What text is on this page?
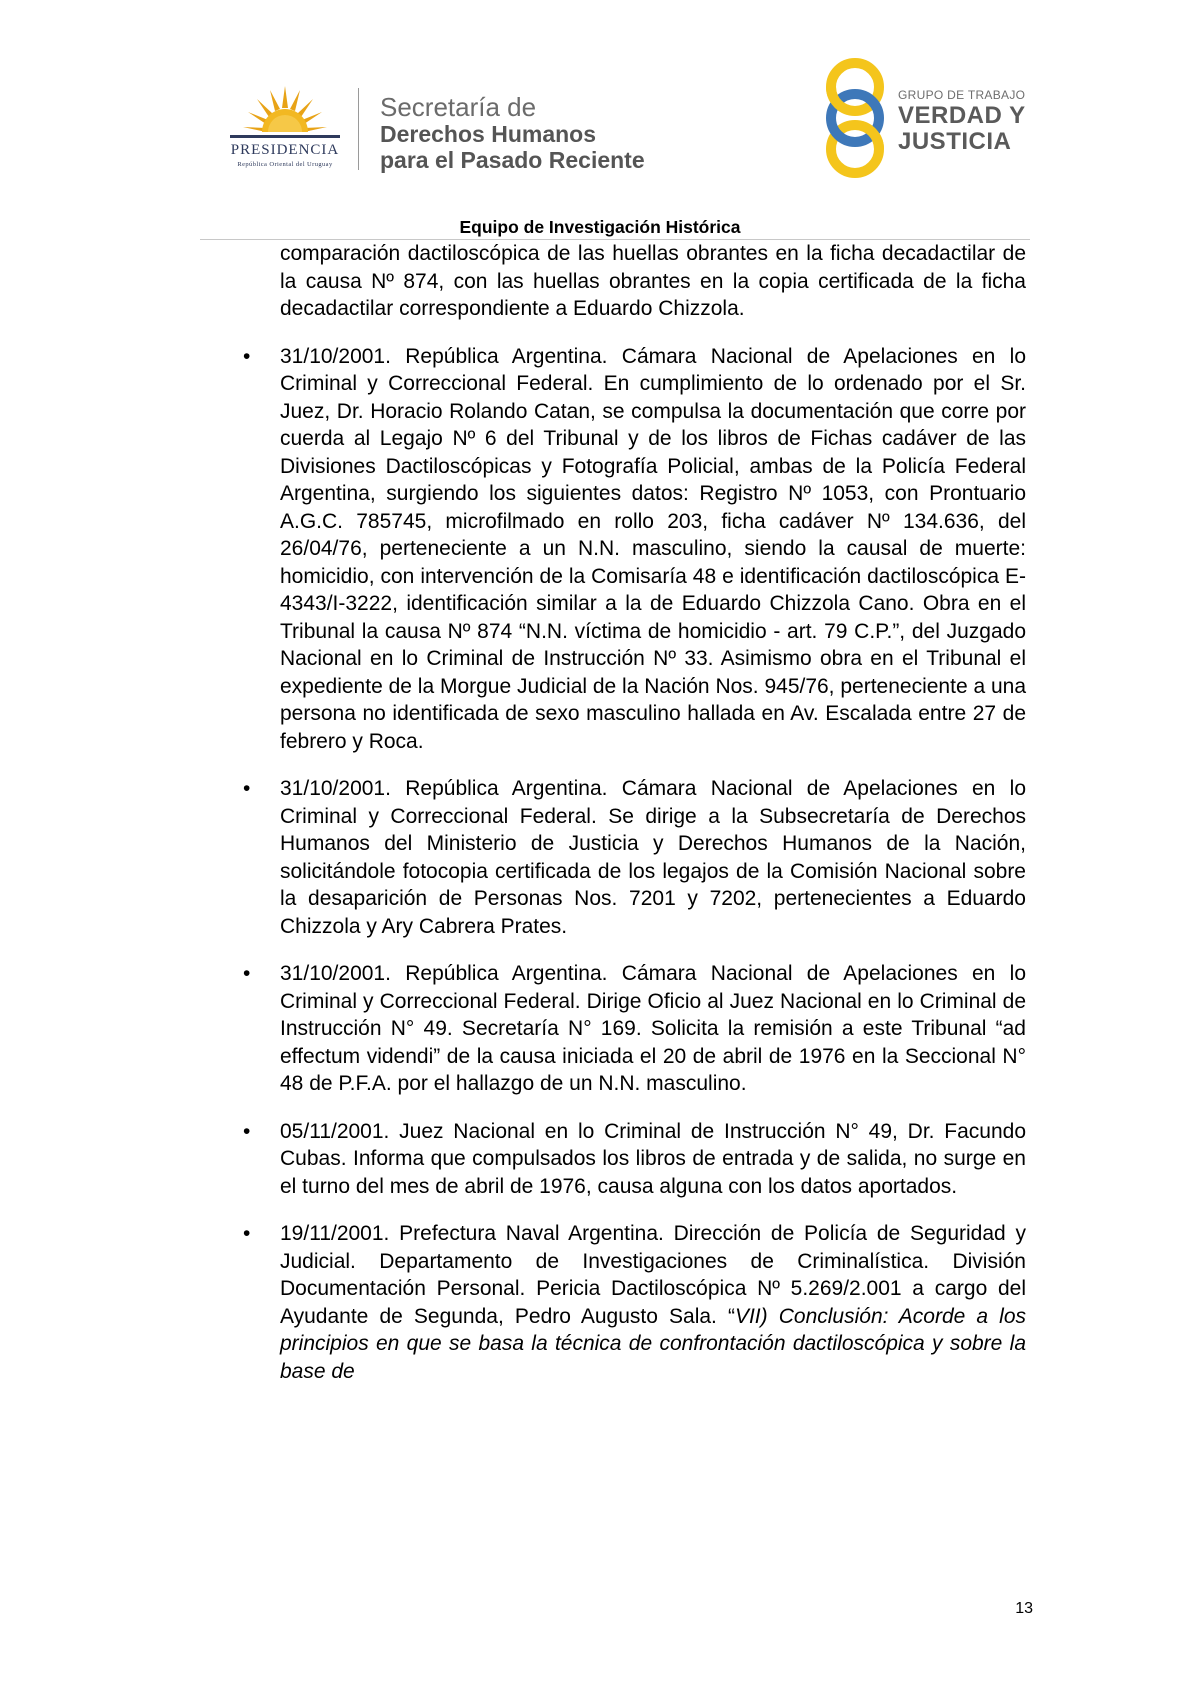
PRESIDENCIA
República Oriental del Uruguay
Secretaría de
Derechos Humanos
para el Pasado Reciente
GRUPO DE TRABAJO
VERDAD Y
JUSTICIA
Equipo de Investigación Histórica

comparación dactiloscópica de las huellas obrantes en la ficha decadactilar de la causa Nº 874, con las huellas obrantes en la copia certificada de la ficha decadactilar correspondiente a Eduardo Chizzola.

• 31/10/2001. República Argentina. Cámara Nacional de Apelaciones en lo Criminal y Correccional Federal. En cumplimiento de lo ordenado por el Sr. Juez, Dr. Horacio Rolando Catan, se compulsa la documentación que corre por cuerda al Legajo Nº 6 del Tribunal y de los libros de Fichas cadáver de las Divisiones Dactiloscópicas y Fotografía Policial, ambas de la Policía Federal Argentina, surgiendo los siguientes datos: Registro Nº 1053, con Prontuario A.G.C. 785745, microfilmado en rollo 203, ficha cadáver Nº 134.636, del 26/04/76, perteneciente a un N.N. masculino, siendo la causal de muerte: homicidio, con intervención de la Comisaría 48 e identificación dactiloscópica E-4343/I-3222, identificación similar a la de Eduardo Chizzola Cano. Obra en el Tribunal la causa Nº 874 “N.N. víctima de homicidio - art. 79 C.P.”, del Juzgado Nacional en lo Criminal de Instrucción Nº 33. Asimismo obra en el Tribunal el expediente de la Morgue Judicial de la Nación Nos. 945/76, perteneciente a una persona no identificada de sexo masculino hallada en Av. Escalada entre 27 de febrero y Roca.

• 31/10/2001. República Argentina. Cámara Nacional de Apelaciones en lo Criminal y Correccional Federal. Se dirige a la Subsecretaría de Derechos Humanos del Ministerio de Justicia y Derechos Humanos de la Nación, solicitándole fotocopia certificada de los legajos de la Comisión Nacional sobre la desaparición de Personas Nos. 7201 y 7202, pertenecientes a Eduardo Chizzola y Ary Cabrera Prates.

• 31/10/2001. República Argentina. Cámara Nacional de Apelaciones en lo Criminal y Correccional Federal. Dirige Oficio al Juez Nacional en lo Criminal de Instrucción N° 49. Secretaría N° 169. Solicita la remisión a este Tribunal “ad effectum videndi” de la causa iniciada el 20 de abril de 1976 en la Seccional N° 48 de P.F.A. por el hallazgo de un N.N. masculino.

• 05/11/2001. Juez Nacional en lo Criminal de Instrucción N° 49, Dr. Facundo Cubas. Informa que compulsados los libros de entrada y de salida, no surge en el turno del mes de abril de 1976, causa alguna con los datos aportados.

• 19/11/2001. Prefectura Naval Argentina. Dirección de Policía de Seguridad y Judicial. Departamento de Investigaciones de Criminalística. División Documentación Personal. Pericia Dactiloscópica Nº 5.269/2.001 a cargo del Ayudante de Segunda, Pedro Augusto Sala. “VII) Conclusión: Acorde a los principios en que se basa la técnica de confrontación dactiloscópica y sobre la base de

13
